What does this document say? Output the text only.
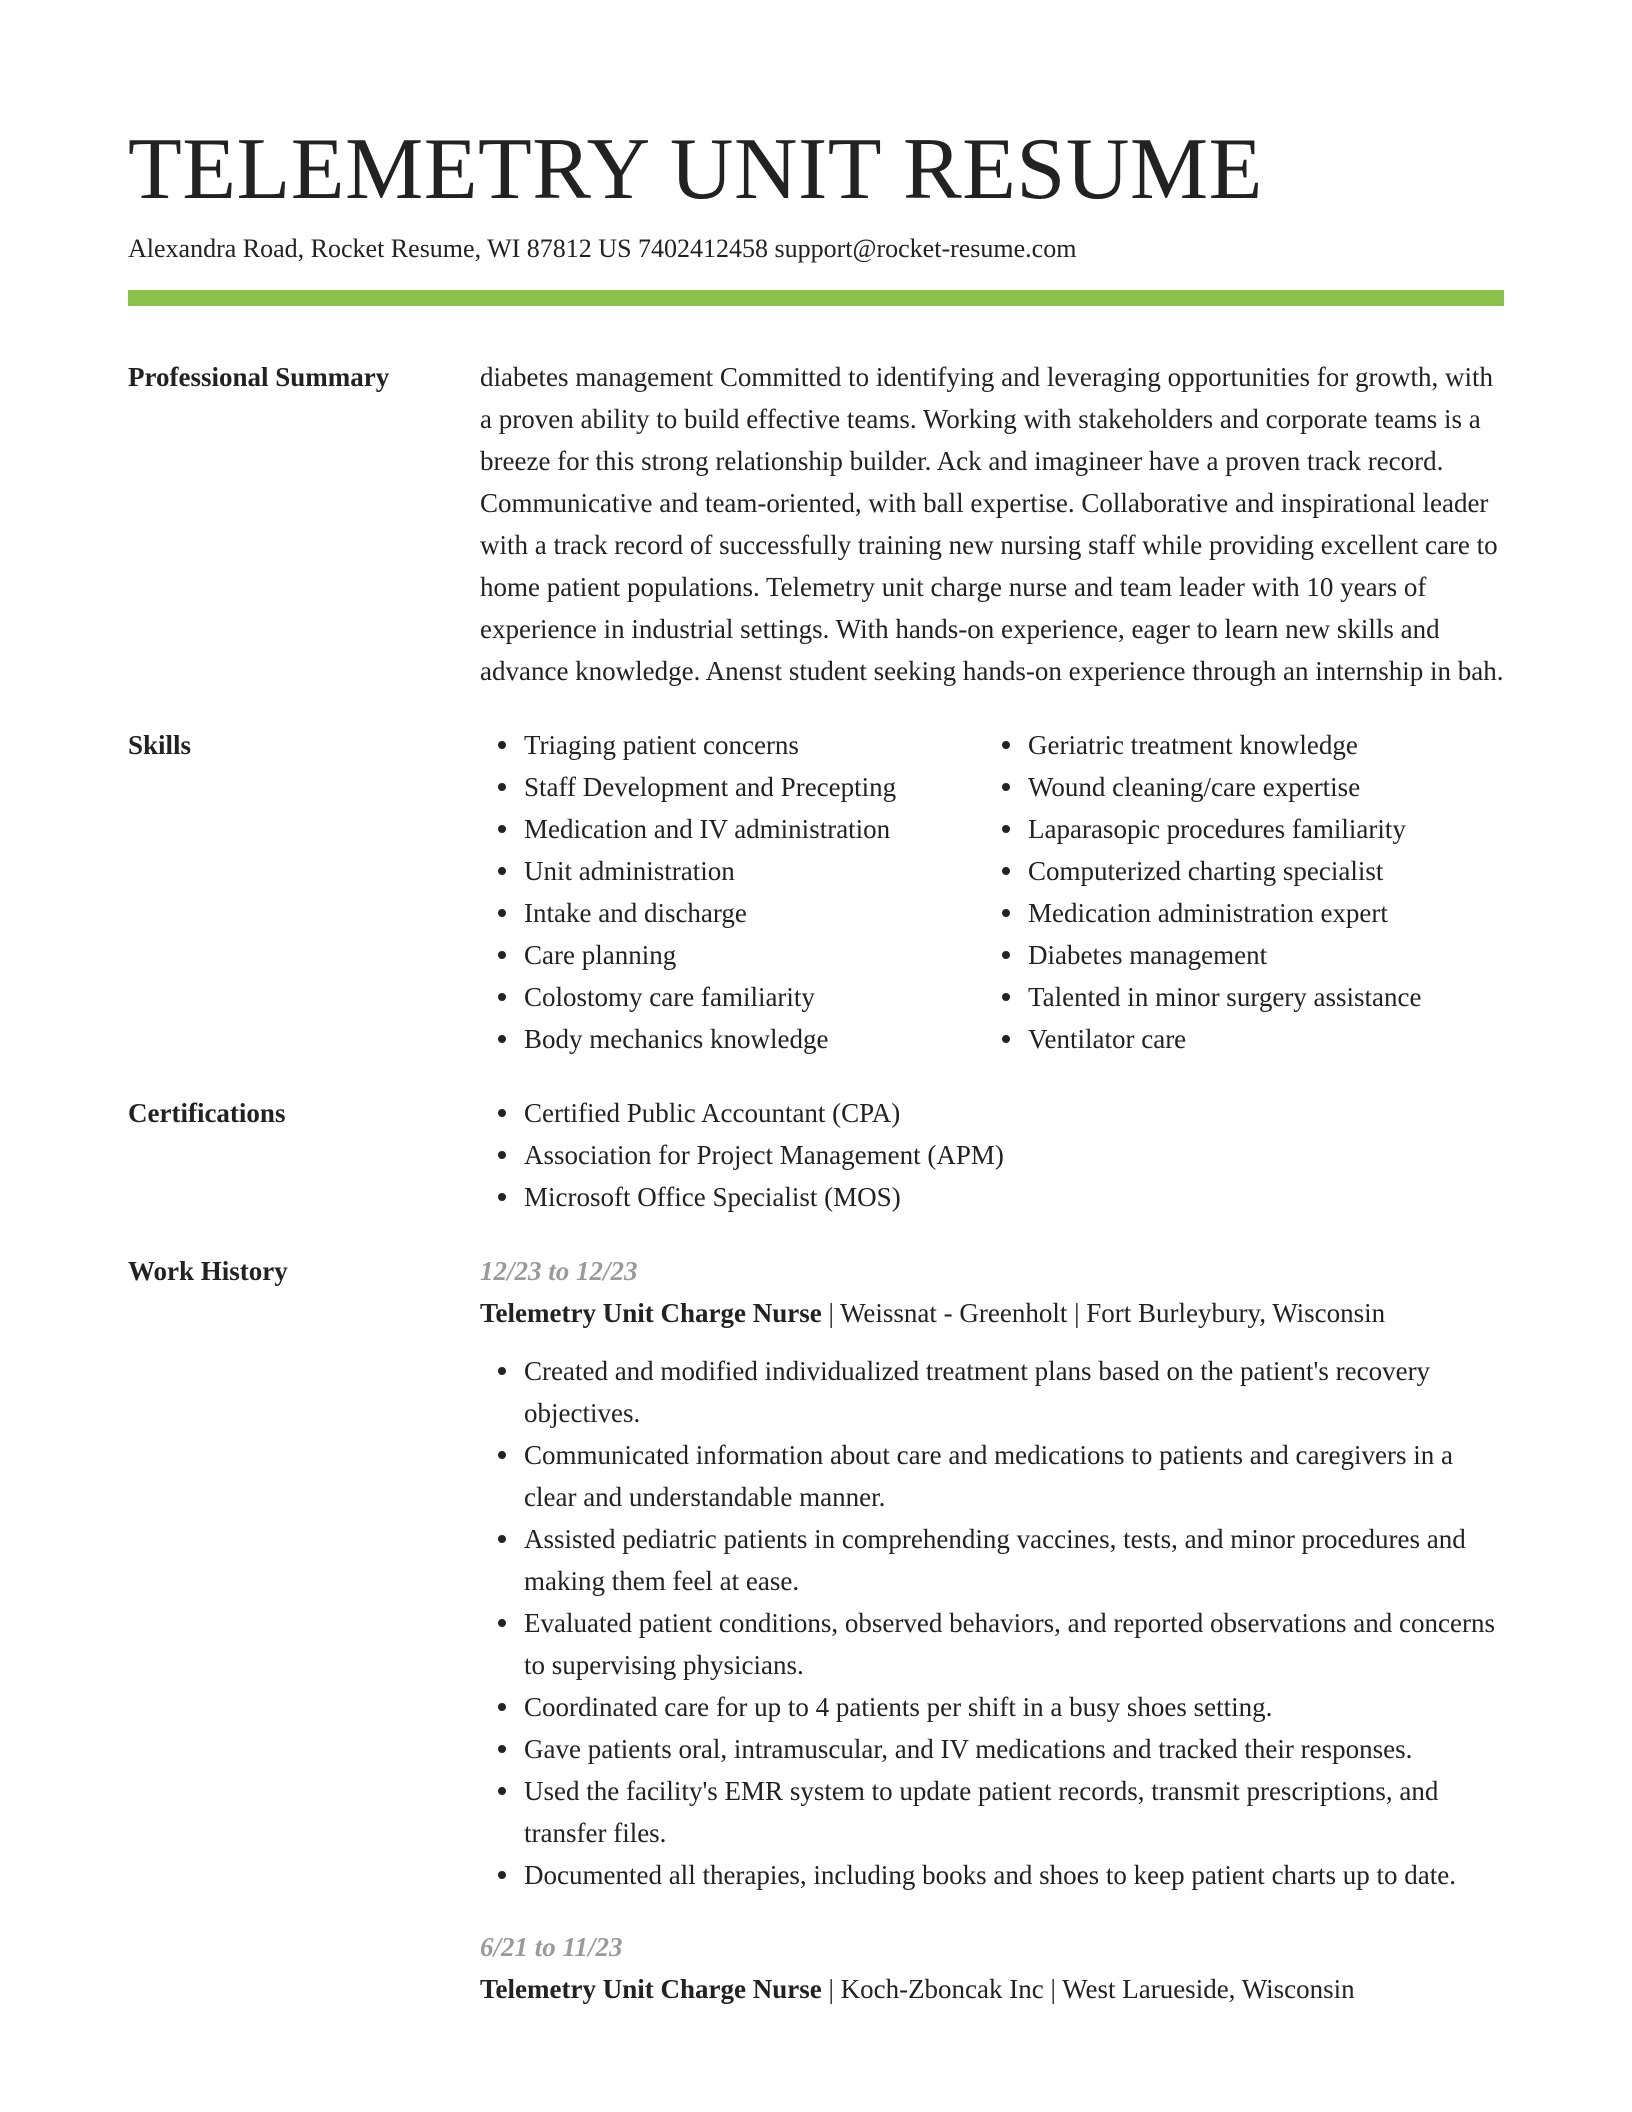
TELEMETRY UNIT RESUME
Alexandra Road, Rocket Resume, WI 87812 US 7402412458 support@rocket-resume.com
Professional Summary	diabetes management Committed to identifying and leveraging opportunities for growth, with a proven ability to build effective teams. Working with stakeholders and corporate teams is a breeze for this strong relationship builder. Ack and imagineer have a proven track record. Communicative and team-oriented, with ball expertise. Collaborative and inspirational leader with a track record of successfully training new nursing staff while providing excellent care to home patient populations. Telemetry unit charge nurse and team leader with 10 years of experience in industrial settings. With hands-on experience, eager to learn new skills and advance knowledge. Anenst student seeking hands-on experience through an internship in bah.
Skills	Triaging patient concerns
Staff Development and Precepting
Medication and IV administration
Unit administration
Intake and discharge
Care planning
Colostomy care familiarity
Body mechanics knowledge
Geriatric treatment knowledge
Wound cleaning/care expertise
Laparasopic procedures familiarity
Computerized charting specialist
Medication administration expert
Diabetes management
Talented in minor surgery assistance
Ventilator care
Certifications	Certified Public Accountant (CPA)
Association for Project Management (APM)
Microsoft Office Specialist (MOS)
Work History	12/23 to 12/23
Telemetry Unit Charge Nurse | Weissnat - Greenholt | Fort Burleybury, Wisconsin
Created and modified individualized treatment plans based on the patient's recovery objectives.
Communicated information about care and medications to patients and caregivers in a clear and understandable manner.
Assisted pediatric patients in comprehending vaccines, tests, and minor procedures and making them feel at ease.
Evaluated patient conditions, observed behaviors, and reported observations and concerns to supervising physicians.
Coordinated care for up to 4 patients per shift in a busy shoes setting.
Gave patients oral, intramuscular, and IV medications and tracked their responses.
Used the facility's EMR system to update patient records, transmit prescriptions, and transfer files.
Documented all therapies, including books and shoes to keep patient charts up to date.
6/21 to 11/23
Telemetry Unit Charge Nurse | Koch-Zboncak Inc | West Larueside, Wisconsin
